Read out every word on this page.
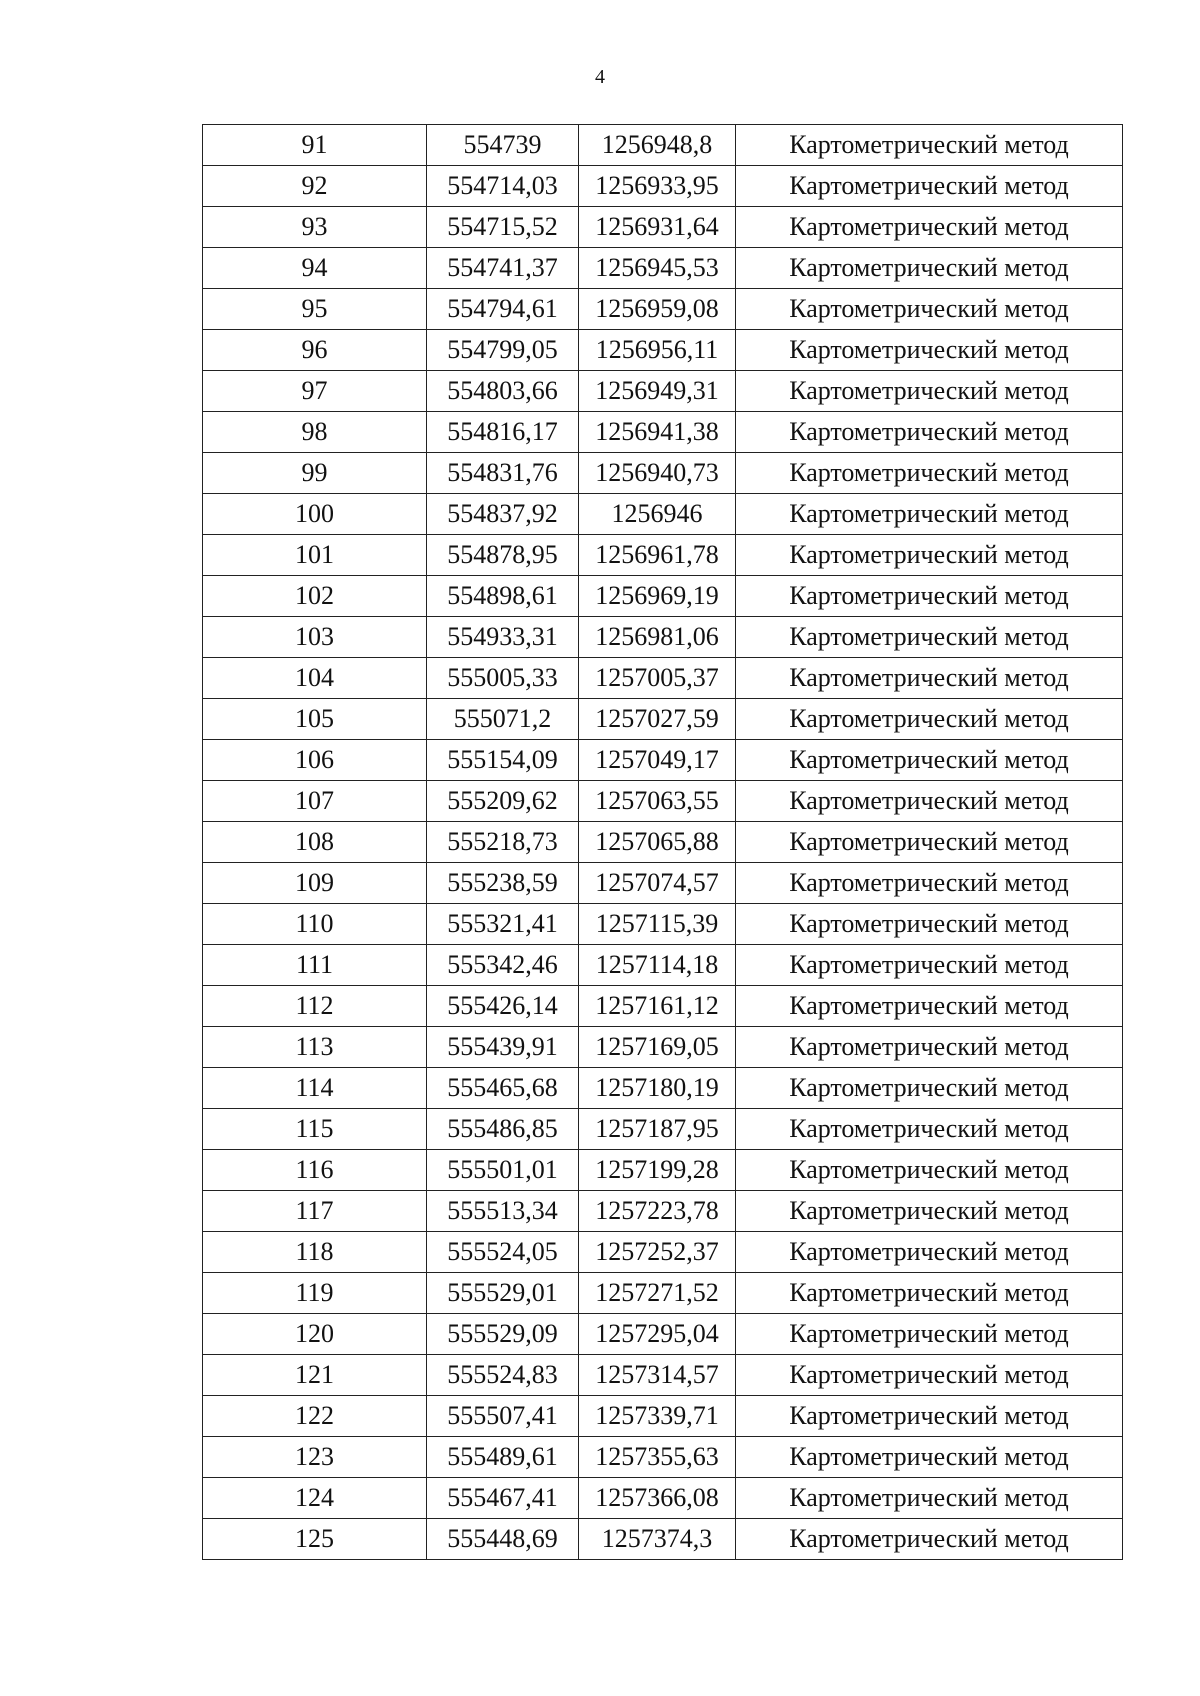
4
91	554739	1256948,8	Картометрический метод
92	554714,03	1256933,95	Картометрический метод
93	554715,52	1256931,64	Картометрический метод
94	554741,37	1256945,53	Картометрический метод
95	554794,61	1256959,08	Картометрический метод
96	554799,05	1256956,11	Картометрический метод
97	554803,66	1256949,31	Картометрический метод
98	554816,17	1256941,38	Картометрический метод
99	554831,76	1256940,73	Картометрический метод
100	554837,92	1256946	Картометрический метод
101	554878,95	1256961,78	Картометрический метод
102	554898,61	1256969,19	Картометрический метод
103	554933,31	1256981,06	Картометрический метод
104	555005,33	1257005,37	Картометрический метод
105	555071,2	1257027,59	Картометрический метод
106	555154,09	1257049,17	Картометрический метод
107	555209,62	1257063,55	Картометрический метод
108	555218,73	1257065,88	Картометрический метод
109	555238,59	1257074,57	Картометрический метод
110	555321,41	1257115,39	Картометрический метод
111	555342,46	1257114,18	Картометрический метод
112	555426,14	1257161,12	Картометрический метод
113	555439,91	1257169,05	Картометрический метод
114	555465,68	1257180,19	Картометрический метод
115	555486,85	1257187,95	Картометрический метод
116	555501,01	1257199,28	Картометрический метод
117	555513,34	1257223,78	Картометрический метод
118	555524,05	1257252,37	Картометрический метод
119	555529,01	1257271,52	Картометрический метод
120	555529,09	1257295,04	Картометрический метод
121	555524,83	1257314,57	Картометрический метод
122	555507,41	1257339,71	Картометрический метод
123	555489,61	1257355,63	Картометрический метод
124	555467,41	1257366,08	Картометрический метод
125	555448,69	1257374,3	Картометрический метод
